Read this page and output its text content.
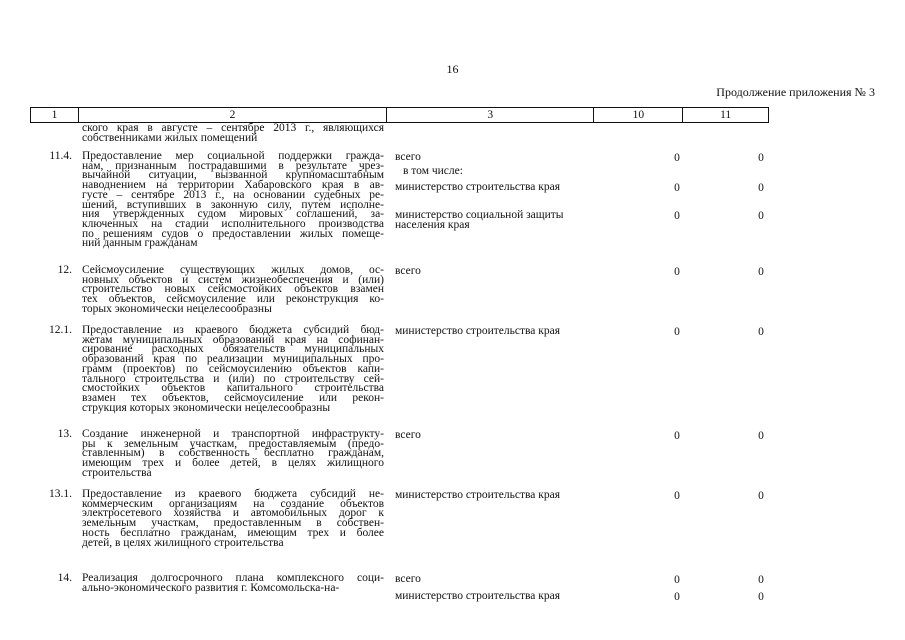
16
Продолжение приложения № 3
1	2	3	10	11
ского края в августе – сентябре 2013 г., являющихся
собственниками жилых помещений
11.4. Предоставление мер социальной поддержки гражда-
нам, признанным пострадавшими в результате чрез-
вычайной ситуации, вызванной крупномасштабным
наводнением на территории Хабаровского края в ав-
густе – сентябре 2013 г., на основании судебных ре-
шений, вступивших в законную силу, путем исполне-
ния утвержденных судом мировых соглашений, за-
ключенных на стадии исполнительного производства
по решениям судов о предоставлении жилых помеще-
ний данным гражданам
всего	0	0
в том числе:
министерство строительства края	0	0
министерство социальной защиты	0	0
населения края
12. Сейсмоусиление существующих жилых домов, ос-
новных объектов и систем жизнеобеспечения и (или)
строительство новых сейсмостойких объектов взамен
тех объектов, сейсмоусиление или реконструкция ко-
торых экономически нецелесообразны
всего	0	0
12.1. Предоставление из краевого бюджета субсидий бюд-
жетам муниципальных образований края на софинан-
сирование расходных обязательств муниципальных
образований края по реализации муниципальных про-
грамм (проектов) по сейсмоусилению объектов капи-
тального строительства и (или) по строительству сей-
смостойких объектов капитального строительства
взамен тех объектов, сейсмоусиление или рекон-
струкция которых экономически нецелесообразны
министерство строительства края	0	0
13. Создание инженерной и транспортной инфраструкту-
ры к земельным участкам, предоставляемым (предо-
ставленным) в собственность бесплатно гражданам,
имеющим трех и более детей, в целях жилищного
строительства
всего	0	0
13.1. Предоставление из краевого бюджета субсидий не-
коммерческим организациям на создание объектов
электросетевого хозяйства и автомобильных дорог к
земельным участкам, предоставленным в собствен-
ность бесплатно гражданам, имеющим трех и более
детей, в целях жилищного строительства
министерство строительства края	0	0
14. Реализация долгосрочного плана комплексного соци-
ально-экономического развития г. Комсомольска-на-
всего	0	0
министерство строительства края	0	0
